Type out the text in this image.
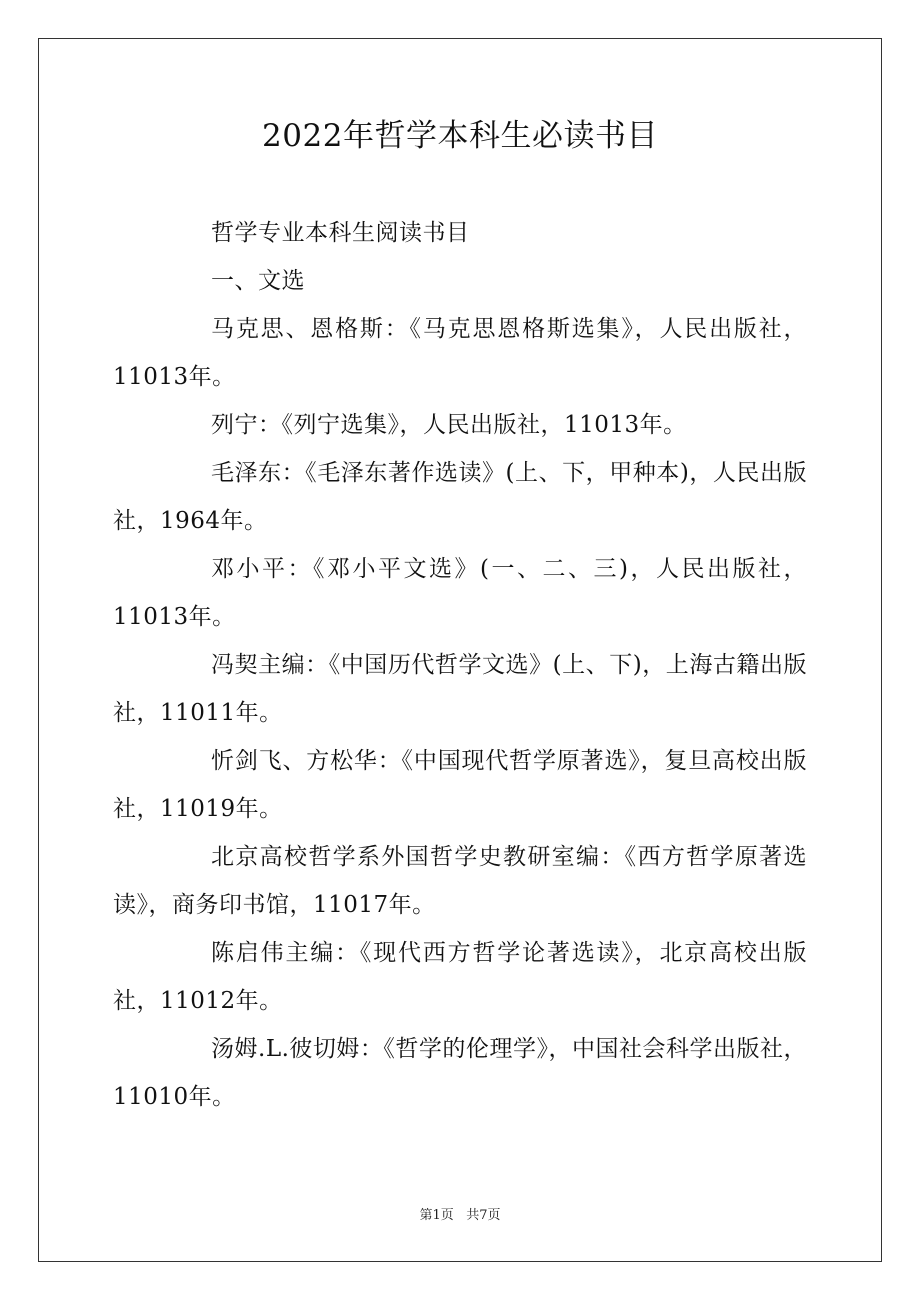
2022年哲学本科生必读书目

哲学专业本科生阅读书目

一、文选

马克思、恩格斯：《马克思恩格斯选集》，人民出版社，11013年。

列宁：《列宁选集》，人民出版社，11013年。

毛泽东：《毛泽东著作选读》(上、下，甲种本)，人民出版社，1964年。

邓小平：《邓小平文选》(一、二、三)，人民出版社，11013年。

冯契主编：《中国历代哲学文选》(上、下)，上海古籍出版社，11011年。

忻剑飞、方松华：《中国现代哲学原著选》，复旦高校出版社，11019年。

北京高校哲学系外国哲学史教研室编：《西方哲学原著选读》，商务印书馆，11017年。

陈启伟主编：《现代西方哲学论著选读》，北京高校出版社，11012年。

汤姆.L.彼切姆：《哲学的伦理学》，中国社会科学出版社，11010年。

第1页 共7页
